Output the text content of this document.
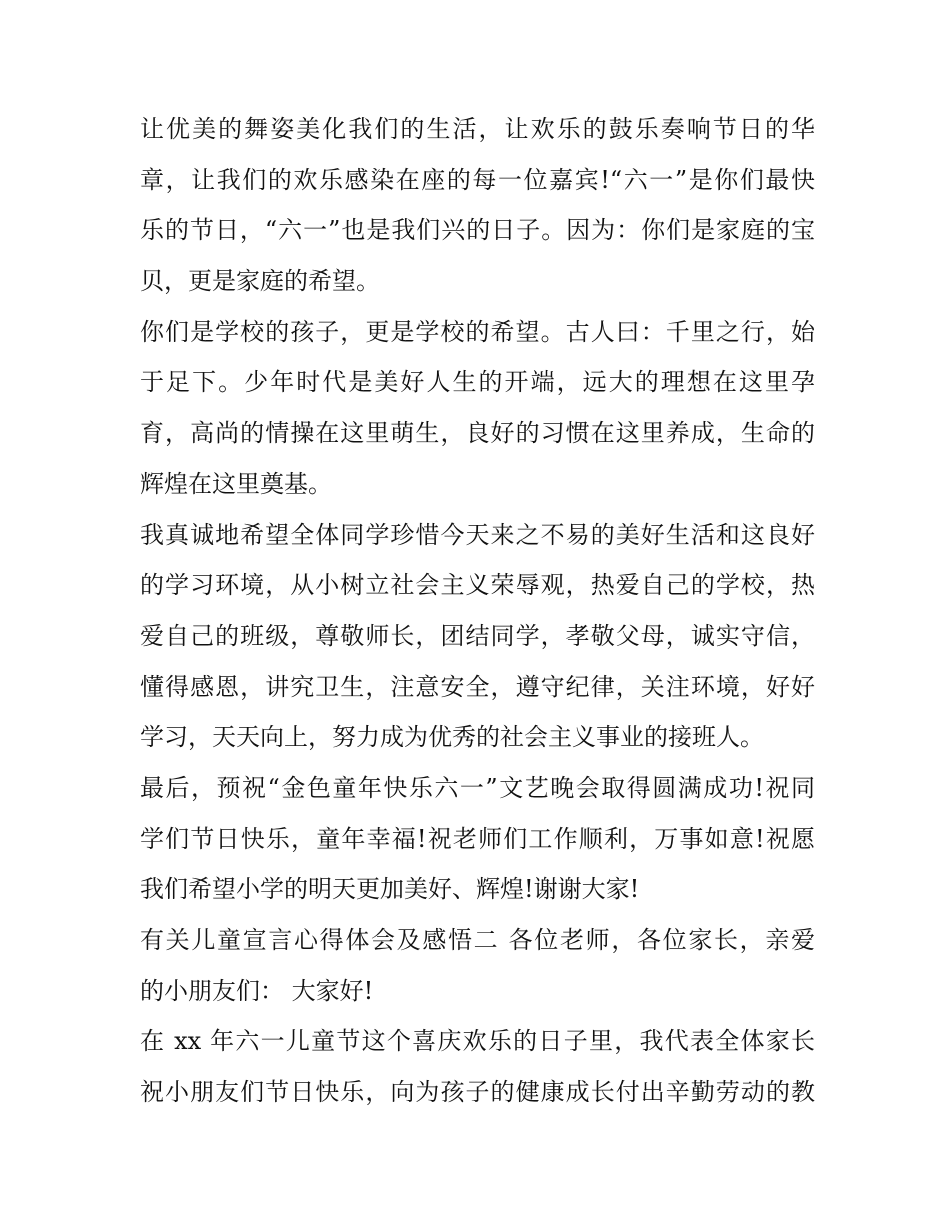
让优美的舞姿美化我们的生活，让欢乐的鼓乐奏响节日的华
章，让我们的欢乐感染在座的每一位嘉宾!“六一”是你们最快
乐的节日，“六一”也是我们兴的日子。因为：你们是家庭的宝
贝，更是家庭的希望。
你们是学校的孩子，更是学校的希望。古人曰：千里之行，始
于足下。少年时代是美好人生的开端，远大的理想在这里孕
育，高尚的情操在这里萌生，良好的习惯在这里养成，生命的
辉煌在这里奠基。
我真诚地希望全体同学珍惜今天来之不易的美好生活和这良好
的学习环境，从小树立社会主义荣辱观，热爱自己的学校，热
爱自己的班级，尊敬师长，团结同学，孝敬父母，诚实守信，
懂得感恩，讲究卫生，注意安全，遵守纪律，关注环境，好好
学习，天天向上，努力成为优秀的社会主义事业的接班人。
最后，预祝“金色童年快乐六一”文艺晚会取得圆满成功!祝同
学们节日快乐，童年幸福!祝老师们工作顺利，万事如意!祝愿
我们希望小学的明天更加美好、辉煌!谢谢大家!
有关儿童宣言心得体会及感悟二 各位老师，各位家长，亲爱
的小朋友们： 大家好!
在 xx 年六一儿童节这个喜庆欢乐的日子里，我代表全体家长
祝小朋友们节日快乐，向为孩子的健康成长付出辛勤劳动的教
